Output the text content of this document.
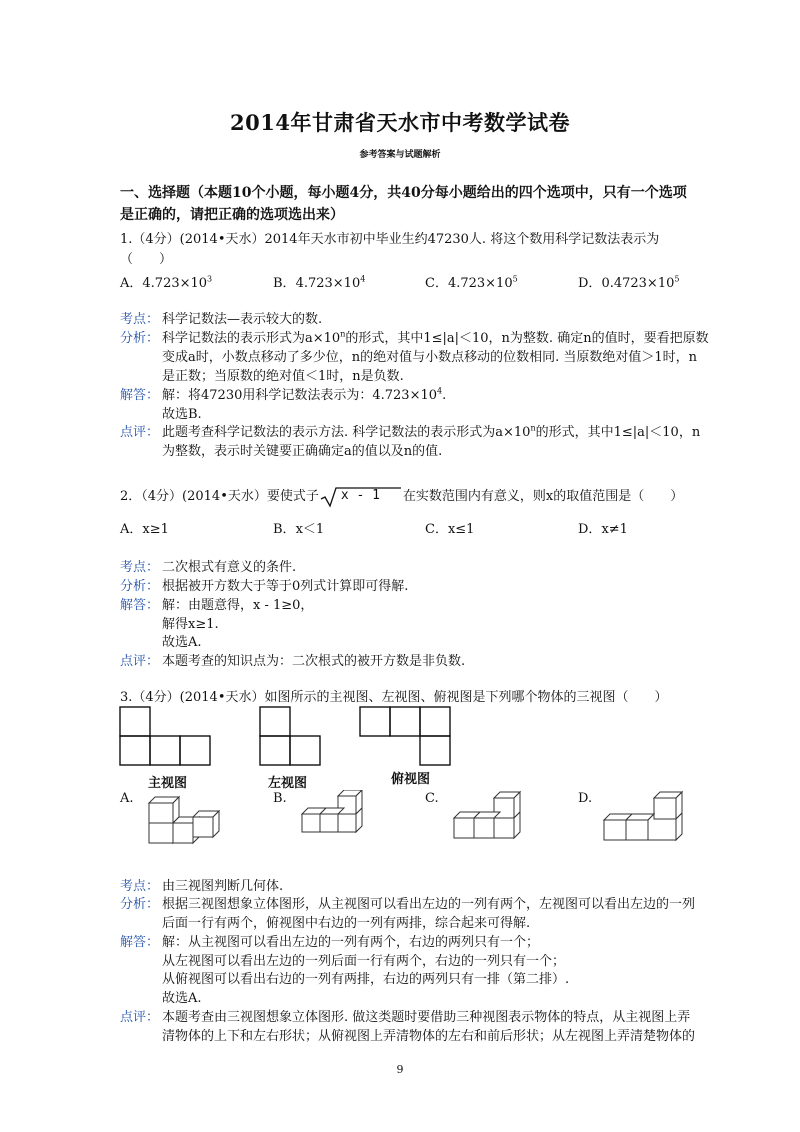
2014年甘肃省天水市中考数学试卷
参考答案与试题解析
一、选择题（本题10个小题，每小题4分，共40分每小题给出的四个选项中，只有一个选项
是正确的，请把正确的选项选出来）
1.（4分）(2014•天水）2014年天水市初中毕业生约47230人. 将这个数用科学记数法表示为
（　　）
A．$4.723\times 10^3$	B．$4.723\times 10^4$	C．$4.723\times 10^5$	D．$0.4723\times 10^5$
考点： 科学记数法—表示较大的数.
分析： 科学记数法的表示形式为$a\times 10^n$的形式，其中1≤|a|＜10，n为整数. 确定n的值时，要看把原数
变成a时，小数点移动了多少位，n的绝对值与小数点移动的位数相同. 当原数绝对值＞1时，n
是正数；当原数的绝对值＜1时，n是负数.
解答： 解：将47230用科学记数法表示为：$4.723\times 10^4$.
故选B.
点评： 此题考查科学记数法的表示方法. 科学记数法的表示形式为$a\times 10^n$的形式，其中1≤|a|＜10，n
为整数，表示时关键要正确确定a的值以及n的值.
2．（4分）(2014•天水）要使式子 x - 1 在实数范围内有意义，则x的取值范围是（　　）
A．x≥1	B．x＜1	C．x≤1	D．x≠1
考点： 二次根式有意义的条件.
分析： 根据被开方数大于等于0列式计算即可得解.
解答： 解：由题意得，x - 1≥0，
解得x≥1.
故选A.
点评： 本题考查的知识点为：二次根式的被开方数是非负数.
3.（4分）(2014•天水）如图所示的主视图、左视图、俯视图是下列哪个物体的三视图（　　）
主视图	左视图	俯视图
A.	B.	C.	D.
考点： 由三视图判断几何体.
分析： 根据三视图想象立体图形，从主视图可以看出左边的一列有两个，左视图可以看出左边的一列
后面一行有两个，俯视图中右边的一列有两排，综合起来可得解.
解答： 解：从主视图可以看出左边的一列有两个，右边的两列只有一个；
从左视图可以看出左边的一列后面一行有两个，右边的一列只有一个；
从俯视图可以看出右边的一列有两排，右边的两列只有一排（第二排）.
故选A.
点评： 本题考查由三视图想象立体图形. 做这类题时要借助三种视图表示物体的特点，从主视图上弄
清物体的上下和左右形状；从俯视图上弄清物体的左右和前后形状；从左视图上弄清楚物体的
9
